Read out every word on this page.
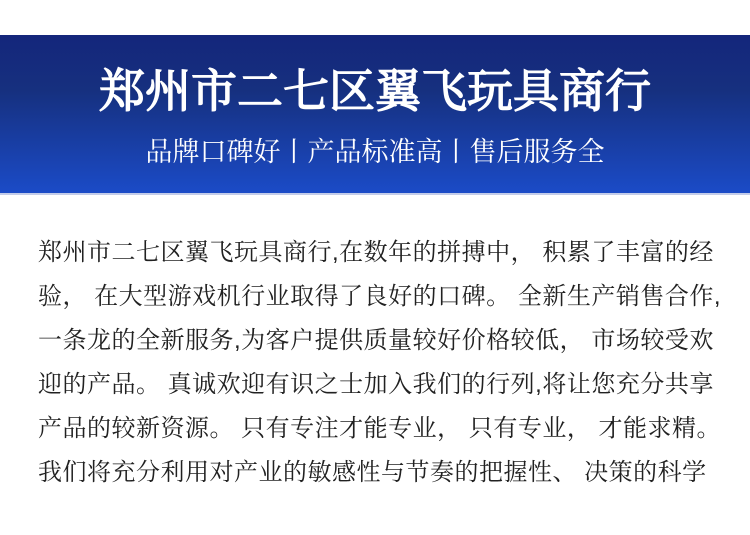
郑州市二七区翼飞玩具商行
品牌口碑好丨产品标准高丨售后服务全
郑州市二七区翼飞玩具商行,在数年的拼搏中， 积累了丰富的经
验， 在大型游戏机行业取得了良好的口碑。 全新生产销售合作,
一条龙的全新服务,为客户提供质量较好价格较低， 市场较受欢
迎的产品。 真诚欢迎有识之士加入我们的行列,将让您充分共享
产品的较新资源。 只有专注才能专业， 只有专业， 才能求精。
我们将充分利用对产业的敏感性与节奏的把握性、 决策的科学
